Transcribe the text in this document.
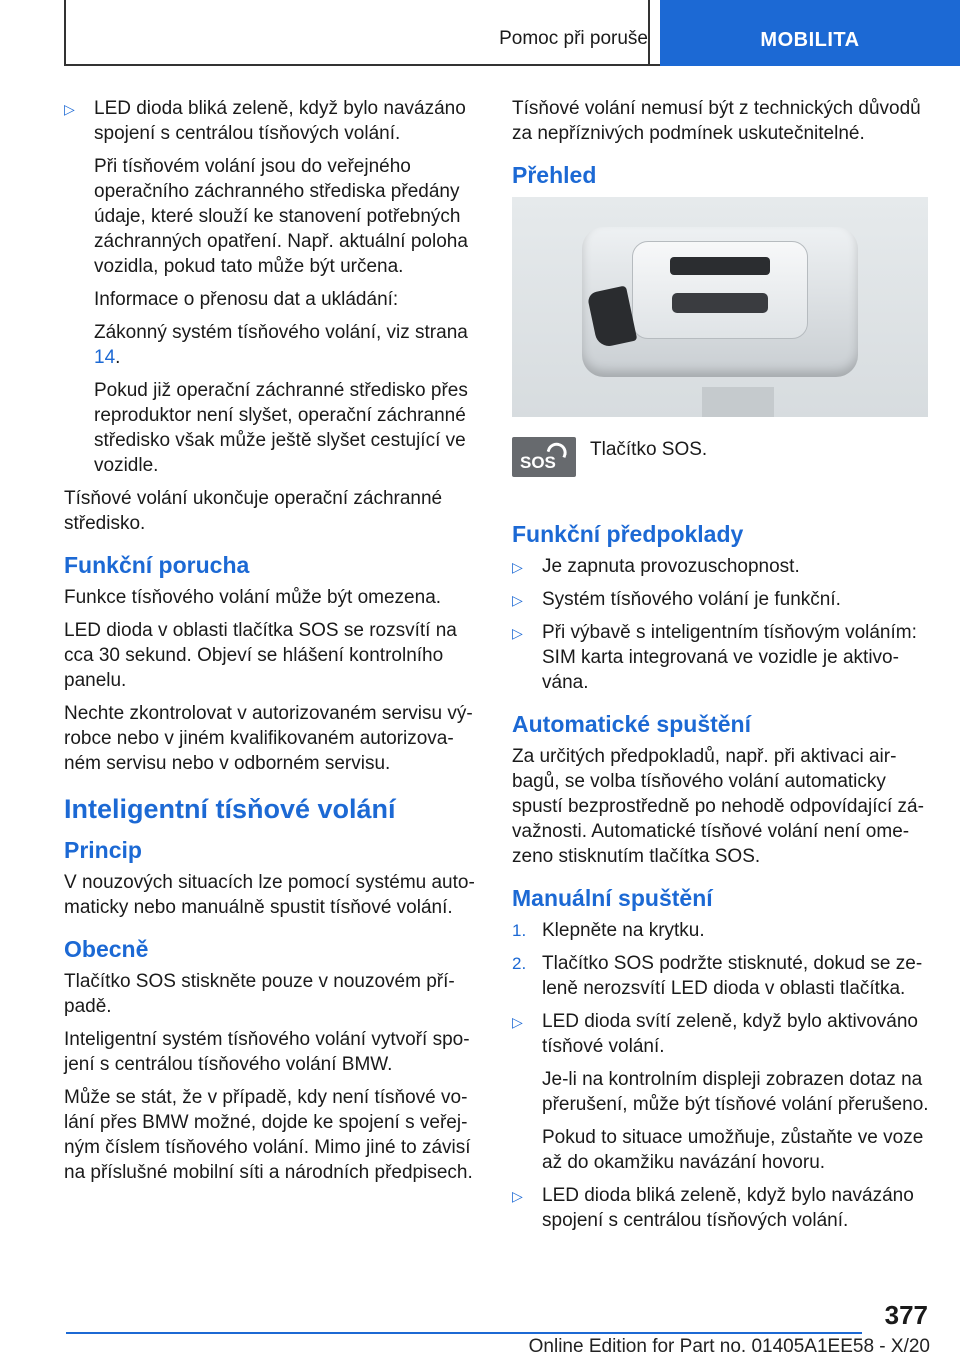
Pomoc při poruše	MOBILITA
▷ LED dioda bliká zeleně, když bylo navázáno spojení s centrálou tísňových volání.
Při tísňovém volání jsou do veřejného operačního záchranného střediska předány údaje, které slouží ke stanovení potřebných záchranných opatření. Např. aktuální poloha vozidla, pokud tato může být určena.
Informace o přenosu dat a ukládání:
Zákonný systém tísňového volání, viz strana 14.
Pokud již operační záchranné středisko přes reproduktor není slyšet, operační záchranné středisko však může ještě slyšet cestující ve vozidle.
Tísňové volání ukončuje operační záchranné středisko.
Funkční porucha
Funkce tísňového volání může být omezena.
LED dioda v oblasti tlačítka SOS se rozsvítí na cca 30 sekund. Objeví se hlášení kontrolního panelu.
Nechte zkontrolovat v autorizovaném servisu výrobce nebo v jiném kvalifikovaném autorizovaném servisu nebo v odborném servisu.
Inteligentní tísňové volání
Princip
V nouzových situacích lze pomocí systému automaticky nebo manuálně spustit tísňové volání.
Obecně
Tlačítko SOS stiskněte pouze v nouzovém případě.
Inteligentní systém tísňového volání vytvoří spojení s centrálou tísňového volání BMW.
Může se stát, že v případě, kdy není tísňové volání přes BMW možné, dojde ke spojení s veřejným číslem tísňového volání. Mimo jiné to závisí na příslušné mobilní síti a národních předpisech.
Tísňové volání nemusí být z technických důvodů za nepříznivých podmínek uskutečnitelné.
Přehled
SOS
Tlačítko SOS.
Funkční předpoklady
▷ Je zapnuta provozuschopnost.
▷ Systém tísňového volání je funkční.
▷ Při výbavě s inteligentním tísňovým voláním: SIM karta integrovaná ve vozidle je aktivována.
Automatické spuštění
Za určitých předpokladů, např. při aktivaci airbagů, se volba tísňového volání automaticky spustí bezprostředně po nehodě odpovídající závažnosti. Automatické tísňové volání není omezeno stisknutím tlačítka SOS.
Manuální spuštění
1. Klepněte na krytku.
2. Tlačítko SOS podržte stisknuté, dokud se zeleně nerozsvítí LED dioda v oblasti tlačítka.
▷ LED dioda svítí zeleně, když bylo aktivováno tísňové volání.
Je-li na kontrolním displeji zobrazen dotaz na přerušení, může být tísňové volání přerušeno.
Pokud to situace umožňuje, zůstaňte ve voze až do okamžiku navázání hovoru.
▷ LED dioda bliká zeleně, když bylo navázáno spojení s centrálou tísňových volání.
377
Online Edition for Part no. 01405A1EE58 - X/20
